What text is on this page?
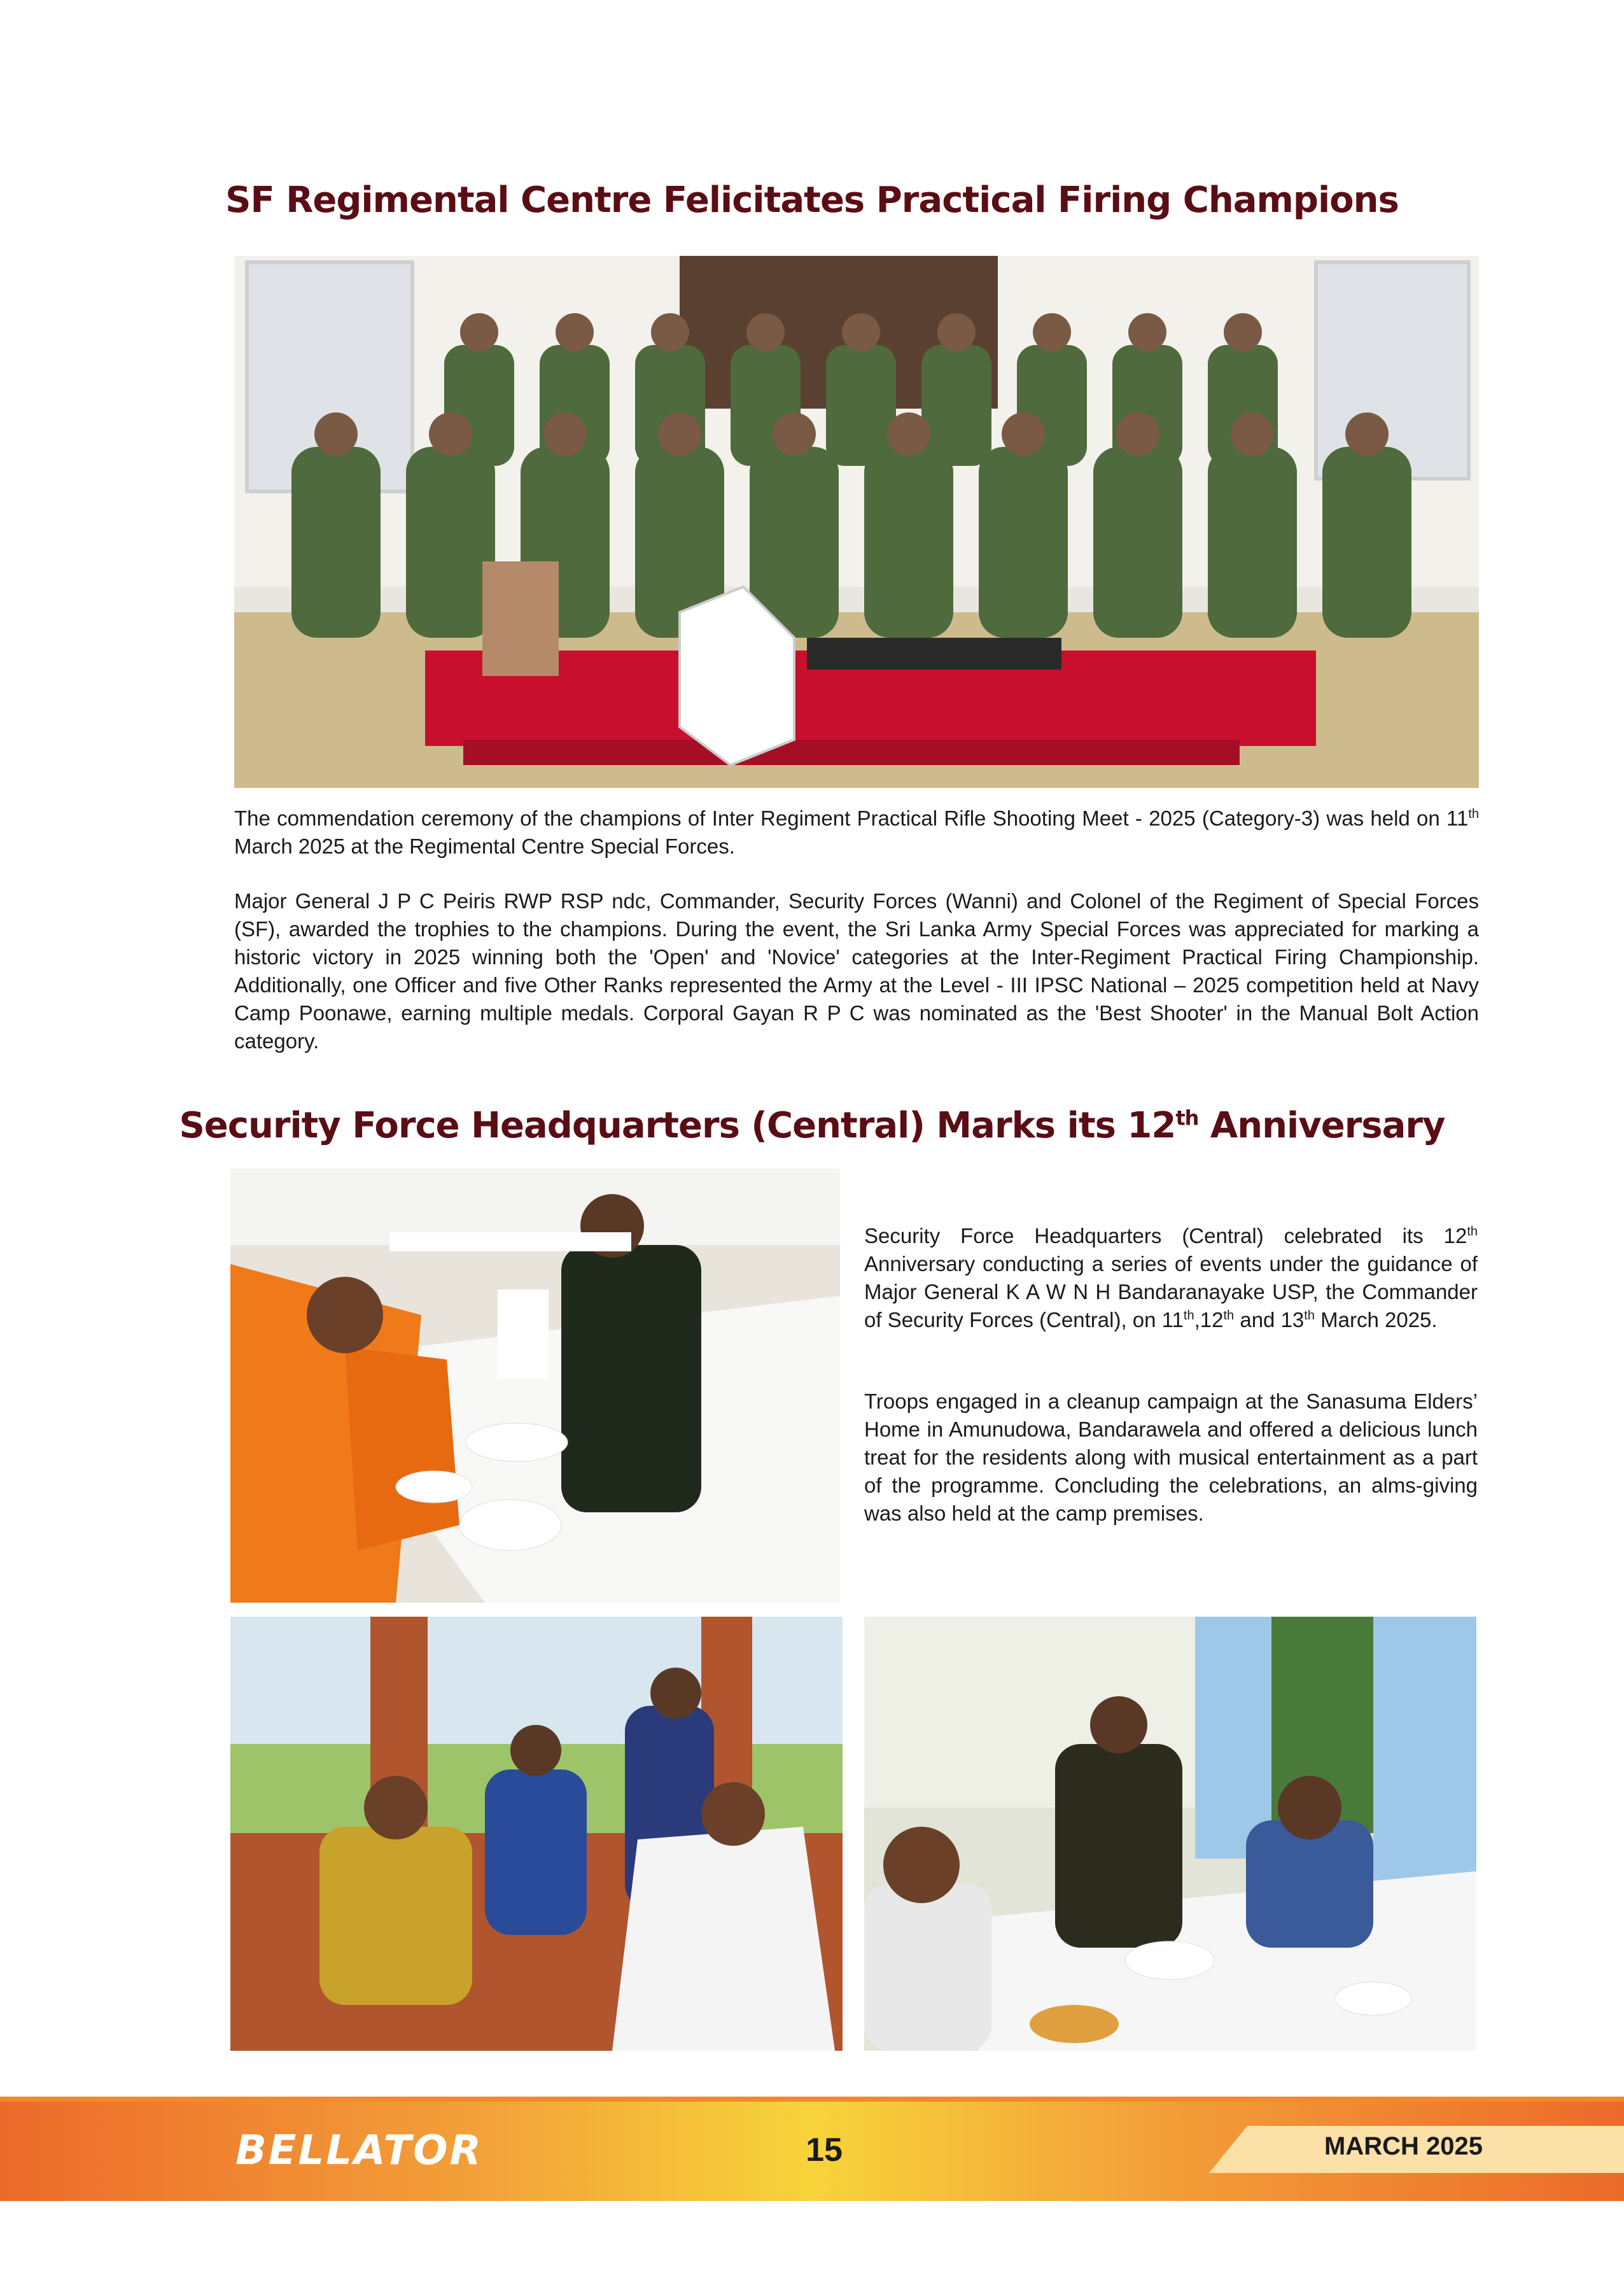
SF Regimental Centre Felicitates Practical Firing Champions

The commendation ceremony of the champions of Inter Regiment Practical Rifle Shooting Meet - 2025 (Category-3) was held on 11th March 2025 at the Regimental Centre Special Forces.

Major General J P C Peiris RWP RSP ndc, Commander, Security Forces (Wanni) and Colonel of the Regiment of Special Forces (SF), awarded the trophies to the champions. During the event, the Sri Lanka Army Special Forces was appreciated for marking a historic victory in 2025 winning both the 'Open' and 'Novice' categories at the Inter-Regiment Practical Firing Championship. Additionally, one Officer and five Other Ranks represented the Army at the Level - III IPSC National – 2025 competition held at Navy Camp Poonawe, earning multiple medals. Corporal Gayan R P C was nominated as the 'Best Shooter' in the Manual Bolt Action category.

Security Force Headquarters (Central) Marks its 12th Anniversary

Security Force Headquarters (Central) celebrated its 12th Anniversary conducting a series of events under the guidance of Major General K A W N H Bandaranayake USP, the Commander of Security Forces (Central), on 11th,12th and 13th March 2025.

Troops engaged in a cleanup campaign at the Sanasuma Elders’ Home in Amunudowa, Bandarawela and offered a delicious lunch treat for the residents along with musical entertainment as a part of the programme. Concluding the celebrations, an alms-giving was also held at the camp premises.

BELLATOR	15	MARCH 2025
